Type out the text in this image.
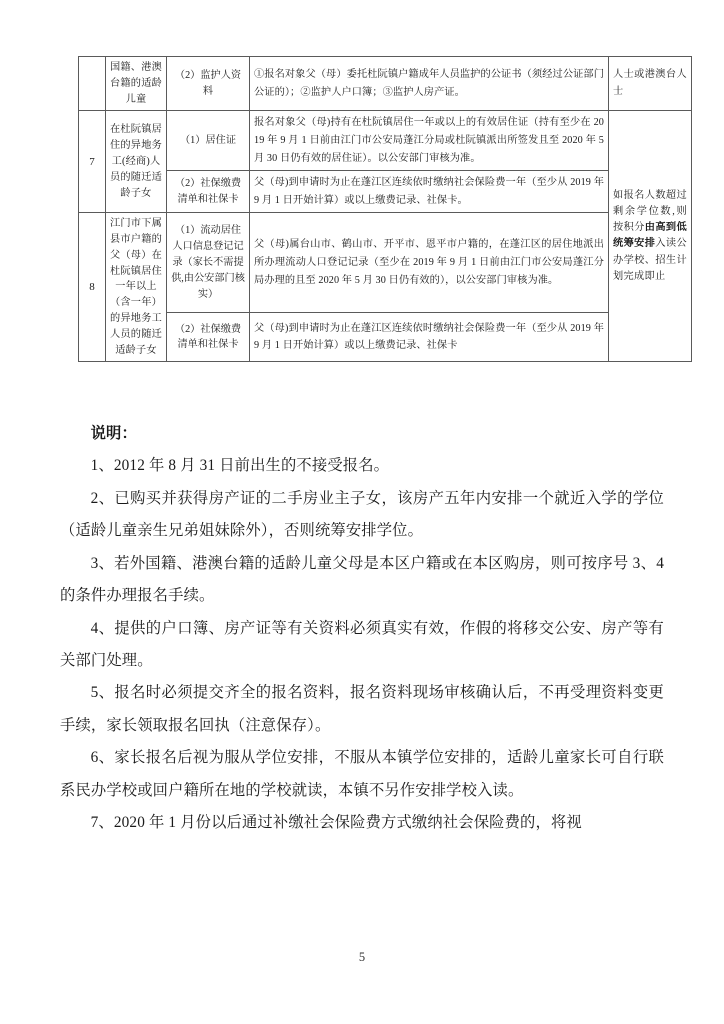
	国籍、港澳台籍的适龄儿童	（2）监护人资料	①报名对象父（母）委托杜阮镇户籍成年人员监护的公证书（须经过公证部门公证的）；②监护人户口簿；③监护人房产证。	人士或港澳台人士
7	在杜阮镇居住的异地务工(经商)人员的随迁适龄子女	（1）居住证	报名对象父（母)持有在杜阮镇居住一年或以上的有效居住证（持有至少在 2019 年 9 月 1 日前由江门市公安局蓬江分局或杜阮镇派出所签发且至 2020 年 5 月 30 日仍有效的居住证）。以公安部门审核为准。	如报名人数超过剩余学位数,则按积分由高到低统筹安排入读公办学校、招生计划完成即止
		（2）社保缴费清单和社保卡	父（母)到申请时为止在蓬江区连续依时缴纳社会保险费一年（至少从 2019 年 9 月 1 日开始计算）或以上缴费记录、社保卡。	
8	江门市下属县市户籍的父（母）在杜阮镇居住一年以上（含一年）的异地务工人员的随迁适龄子女	（1）流动居住人口信息登记记录（家长不需提供,由公安部门核实）	父（母)属台山市、鹤山市、开平市、恩平市户籍的，在蓬江区的居住地派出所办理流动人口登记记录（至少在 2019 年 9 月 1 日前由江门市公安局蓬江分局办理的且至 2020 年 5 月 30 日仍有效的），以公安部门审核为准。	
		（2）社保缴费清单和社保卡	父（母)到申请时为止在蓬江区连续依时缴纳社会保险费一年（至少从 2019 年 9 月 1 日开始计算）或以上缴费记录、社保卡	

说明：

1、2012 年 8 月 31 日前出生的不接受报名。

2、已购买并获得房产证的二手房业主子女，该房产五年内安排一个就近入学的学位（适龄儿童亲生兄弟姐妹除外），否则统筹安排学位。

3、若外国籍、港澳台籍的适龄儿童父母是本区户籍或在本区购房，则可按序号 3、4 的条件办理报名手续。

4、提供的户口簿、房产证等有关资料必须真实有效，作假的将移交公安、房产等有关部门处理。

5、报名时必须提交齐全的报名资料，报名资料现场审核确认后，不再受理资料变更手续，家长领取报名回执（注意保存）。

6、家长报名后视为服从学位安排，不服从本镇学位安排的，适龄儿童家长可自行联系民办学校或回户籍所在地的学校就读，本镇不另作安排学校入读。

7、2020 年 1 月份以后通过补缴社会保险费方式缴纳社会保险费的，将视

5
